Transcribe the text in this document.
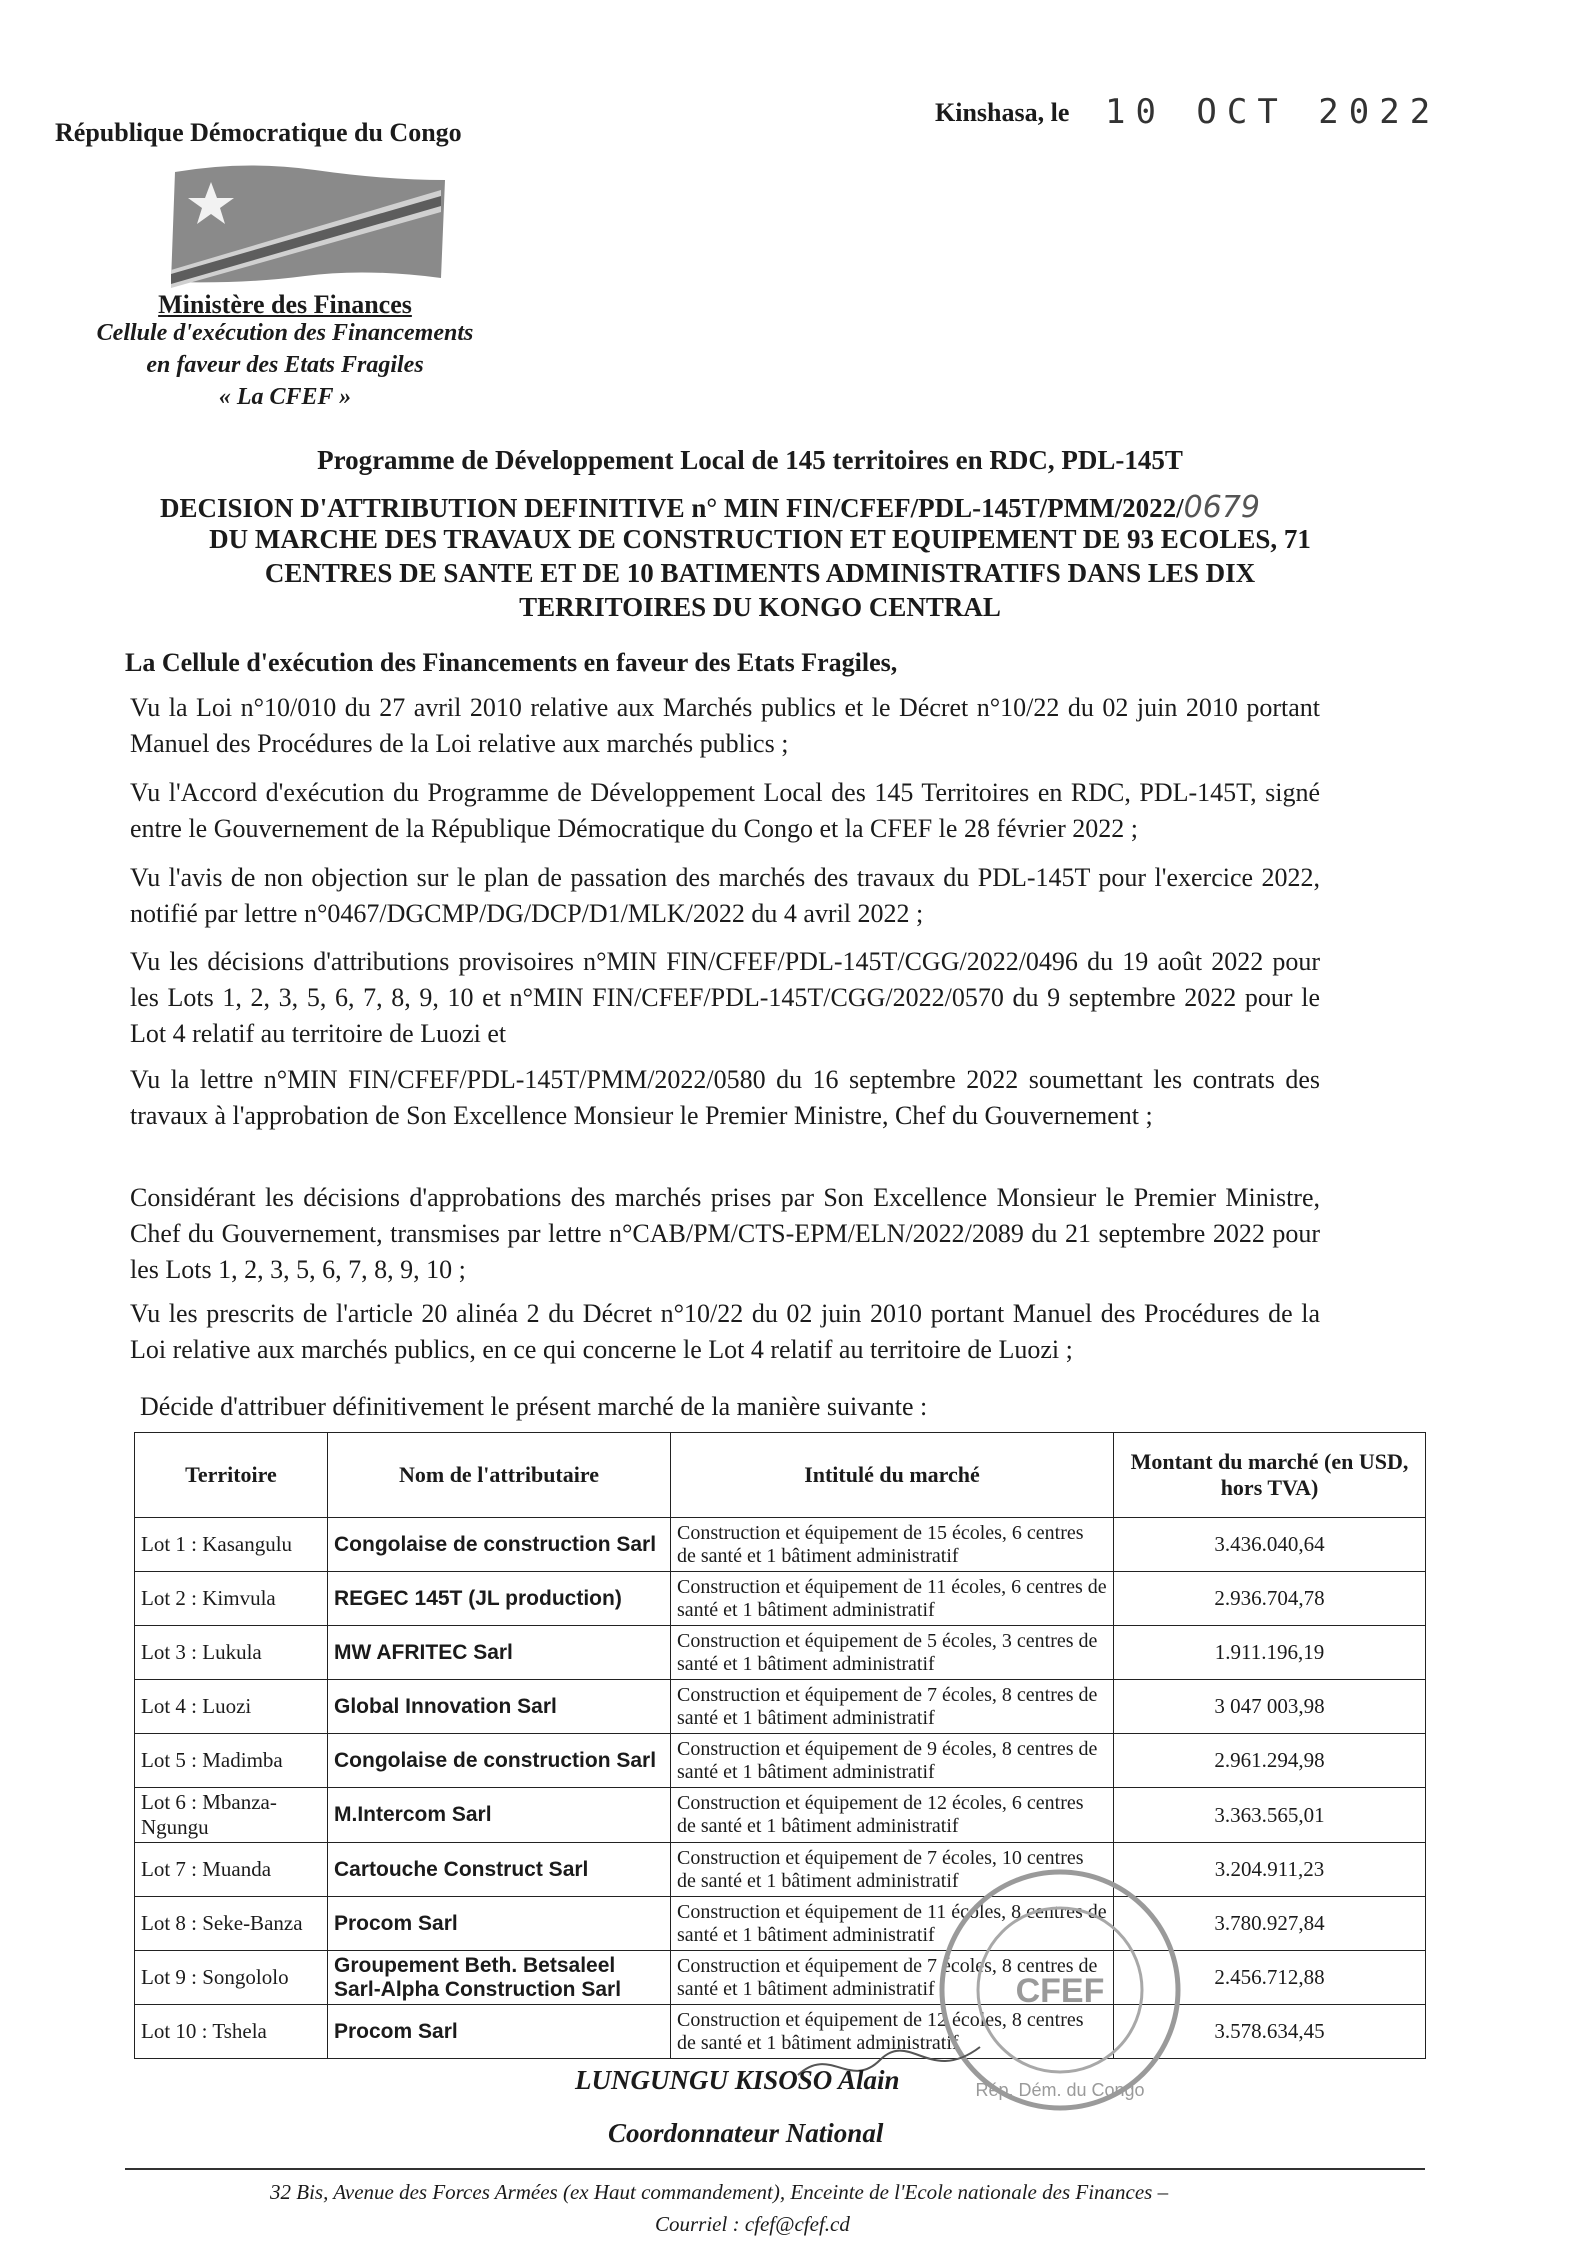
Kinshasa, le 10 OCT 2022
République Démocratique du Congo
Ministère des Finances
Cellule d'exécution des Financements
en faveur des Etats Fragiles
« La CFEF »
Programme de Développement Local de 145 territoires en RDC, PDL-145T
DECISION D'ATTRIBUTION DEFINITIVE n° MIN FIN/CFEF/PDL-145T/PMM/2022/0679
DU MARCHE DES TRAVAUX DE CONSTRUCTION ET EQUIPEMENT DE 93 ECOLES, 71
CENTRES DE SANTE ET DE 10 BATIMENTS ADMINISTRATIFS DANS LES DIX
TERRITOIRES DU KONGO CENTRAL
La Cellule d'exécution des Financements en faveur des Etats Fragiles,
Vu la Loi n°10/010 du 27 avril 2010 relative aux Marchés publics et le Décret n°10/22 du 02 juin 2010 portant Manuel des Procédures de la Loi relative aux marchés publics ;
Vu l'Accord d'exécution du Programme de Développement Local des 145 Territoires en RDC, PDL-145T, signé entre le Gouvernement de la République Démocratique du Congo et la CFEF le 28 février 2022 ;
Vu l'avis de non objection sur le plan de passation des marchés des travaux du PDL-145T pour l'exercice 2022, notifié par lettre n°0467/DGCMP/DG/DCP/D1/MLK/2022 du 4 avril 2022 ;
Vu les décisions d'attributions provisoires n°MIN FIN/CFEF/PDL-145T/CGG/2022/0496 du 19 août 2022 pour les Lots 1, 2, 3, 5, 6, 7, 8, 9, 10 et n°MIN FIN/CFEF/PDL-145T/CGG/2022/0570 du 9 septembre 2022 pour le Lot 4 relatif au territoire de Luozi et
Vu la lettre n°MIN FIN/CFEF/PDL-145T/PMM/2022/0580 du 16 septembre 2022 soumettant les contrats des travaux à l'approbation de Son Excellence Monsieur le Premier Ministre, Chef du Gouvernement ;
Considérant les décisions d'approbations des marchés prises par Son Excellence Monsieur le Premier Ministre, Chef du Gouvernement, transmises par lettre n°CAB/PM/CTS-EPM/ELN/2022/2089 du 21 septembre 2022 pour les Lots 1, 2, 3, 5, 6, 7, 8, 9, 10 ;
Vu les prescrits de l'article 20 alinéa 2 du Décret n°10/22 du 02 juin 2010 portant Manuel des Procédures de la Loi relative aux marchés publics, en ce qui concerne le Lot 4 relatif au territoire de Luozi ;
Décide d'attribuer définitivement le présent marché de la manière suivante :
Territoire	Nom de l'attributaire	Intitulé du marché	Montant du marché (en USD, hors TVA)
Lot 1 : Kasangulu	Congolaise de construction Sarl	Construction et équipement de 15 écoles, 6 centres de santé et 1 bâtiment administratif	3.436.040,64
Lot 2 : Kimvula	REGEC 145T (JL production)	Construction et équipement de 11 écoles, 6 centres de santé et 1 bâtiment administratif	2.936.704,78
Lot 3 : Lukula	MW AFRITEC Sarl	Construction et équipement de 5 écoles, 3 centres de santé et 1 bâtiment administratif	1.911.196,19
Lot 4 : Luozi	Global Innovation Sarl	Construction et équipement de 7 écoles, 8 centres de santé et 1 bâtiment administratif	3 047 003,98
Lot 5 : Madimba	Congolaise de construction Sarl	Construction et équipement de 9 écoles, 8 centres de santé et 1 bâtiment administratif	2.961.294,98
Lot 6 : Mbanza-Ngungu	M.Intercom Sarl	Construction et équipement de 12 écoles, 6 centres de santé et 1 bâtiment administratif	3.363.565,01
Lot 7 : Muanda	Cartouche Construct Sarl	Construction et équipement de 7 écoles, 10 centres de santé et 1 bâtiment administratif	3.204.911,23
Lot 8 : Seke-Banza	Procom Sarl	Construction et équipement de 11 écoles, 8 centres de santé et 1 bâtiment administratif	3.780.927,84
Lot 9 : Songololo	Groupement Beth. Betsaleel Sarl-Alpha Construction Sarl	Construction et équipement de 7 écoles, 8 centres de santé et 1 bâtiment administratif	2.456.712,88
Lot 10 : Tshela	Procom Sarl	Construction et équipement de 12 écoles, 8 centres de santé et 1 bâtiment administratif	3.578.634,45
CFEF
Rép. Dém. du Congo
LUNGUNGU KISOSO Alain
Coordonnateur National
32 Bis, Avenue des Forces Armées (ex Haut commandement), Enceinte de l'Ecole nationale des Finances –
Courriel : cfef@cfef.cd
